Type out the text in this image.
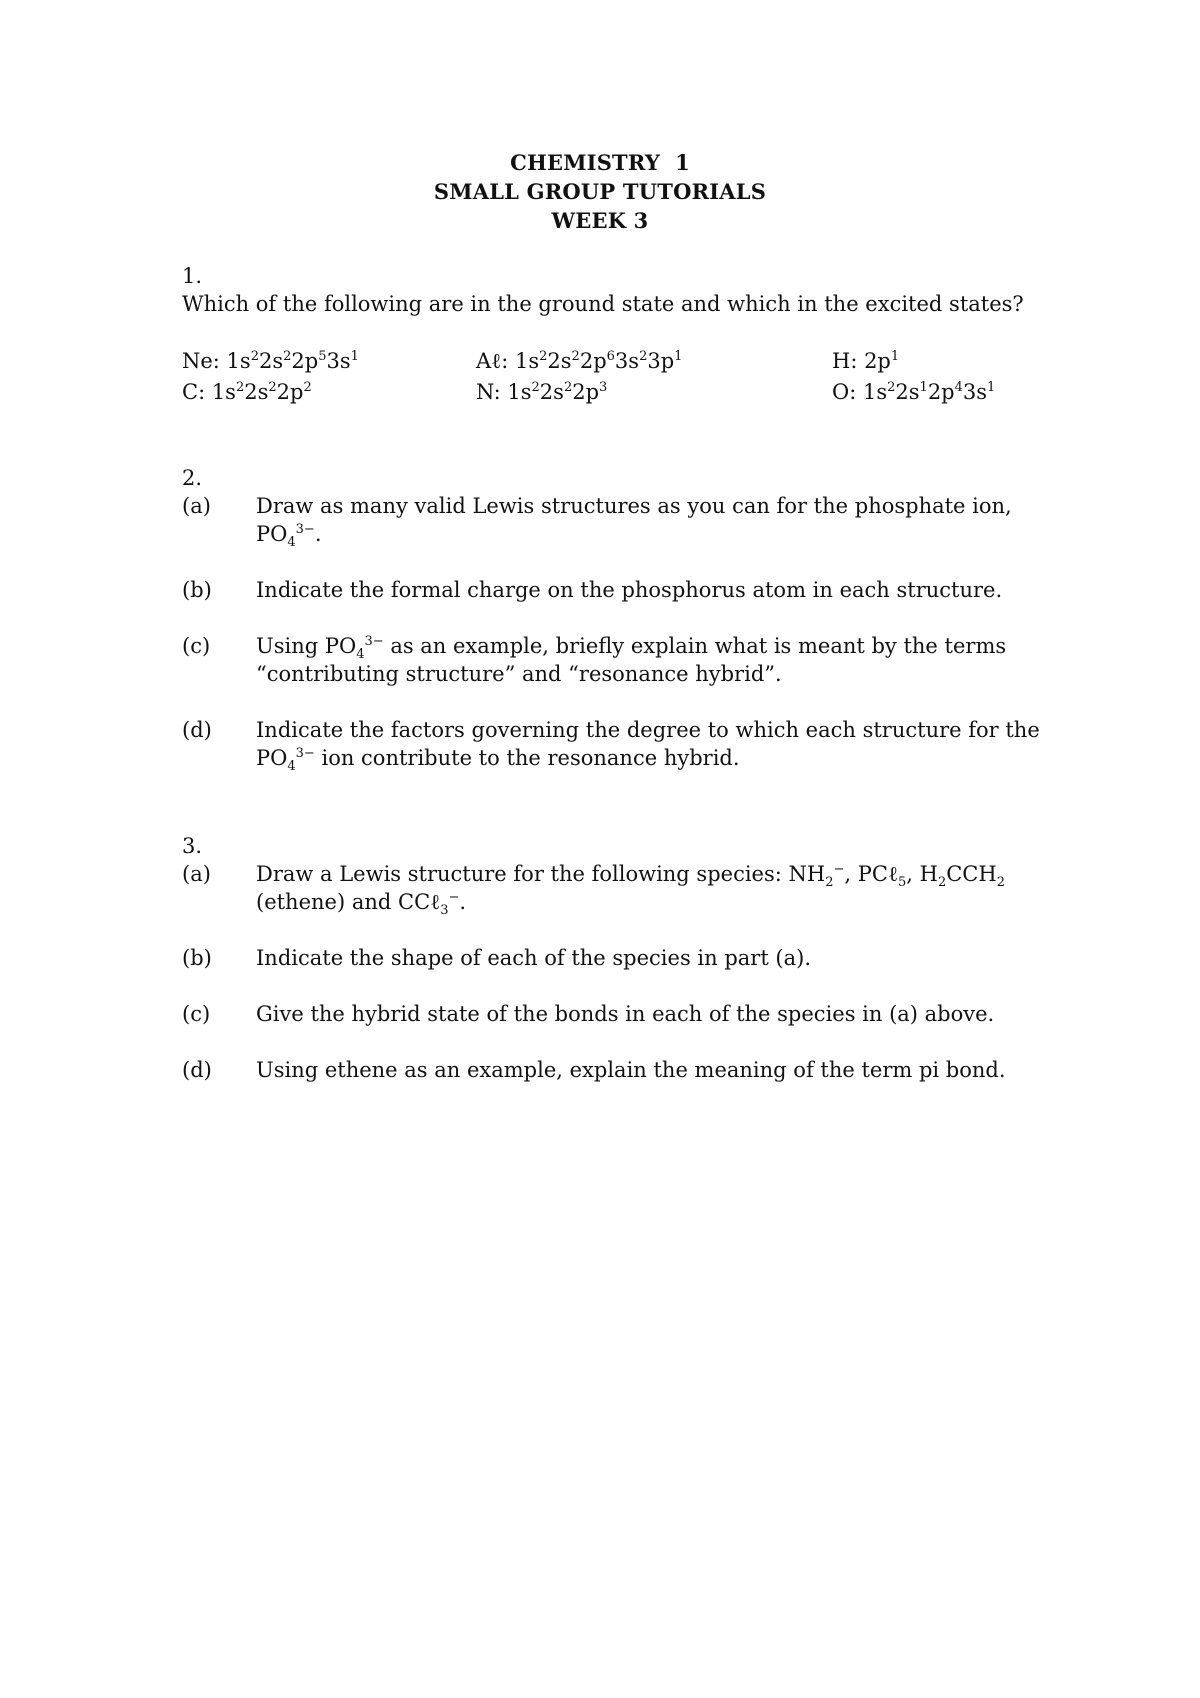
CHEMISTRY  1
SMALL GROUP TUTORIALS
WEEK 3
1.
Which of the following are in the ground state and which in the excited states?
Ne: $1s^22s^22p^53s^1$	Aℓ: $1s^22s^22p^63s^23p^1$	H: $2p^1$
C: $1s^22s^22p^2$	N: $1s^22s^22p^3$	O: $1s^22s^12p^43s^1$
2.
(a)	Draw as many valid Lewis structures as you can for the phosphate ion,
$PO_4^{3-}$.
(b)	Indicate the formal charge on the phosphorus atom in each structure.
(c)	Using $PO_4^{3-}$ as an example, briefly explain what is meant by the terms
“contributing structure” and “resonance hybrid”.
(d)	Indicate the factors governing the degree to which each structure for the
$PO_4^{3-}$ ion contribute to the resonance hybrid.
3.
(a)	Draw a Lewis structure for the following species: $NH_2^-$, PCℓ$_5$, $H_2CCH_2$
(ethene) and CCℓ$_3$−.
(b)	Indicate the shape of each of the species in part (a).
(c)	Give the hybrid state of the bonds in each of the species in (a) above.
(d)	Using ethene as an example, explain the meaning of the term pi bond.
